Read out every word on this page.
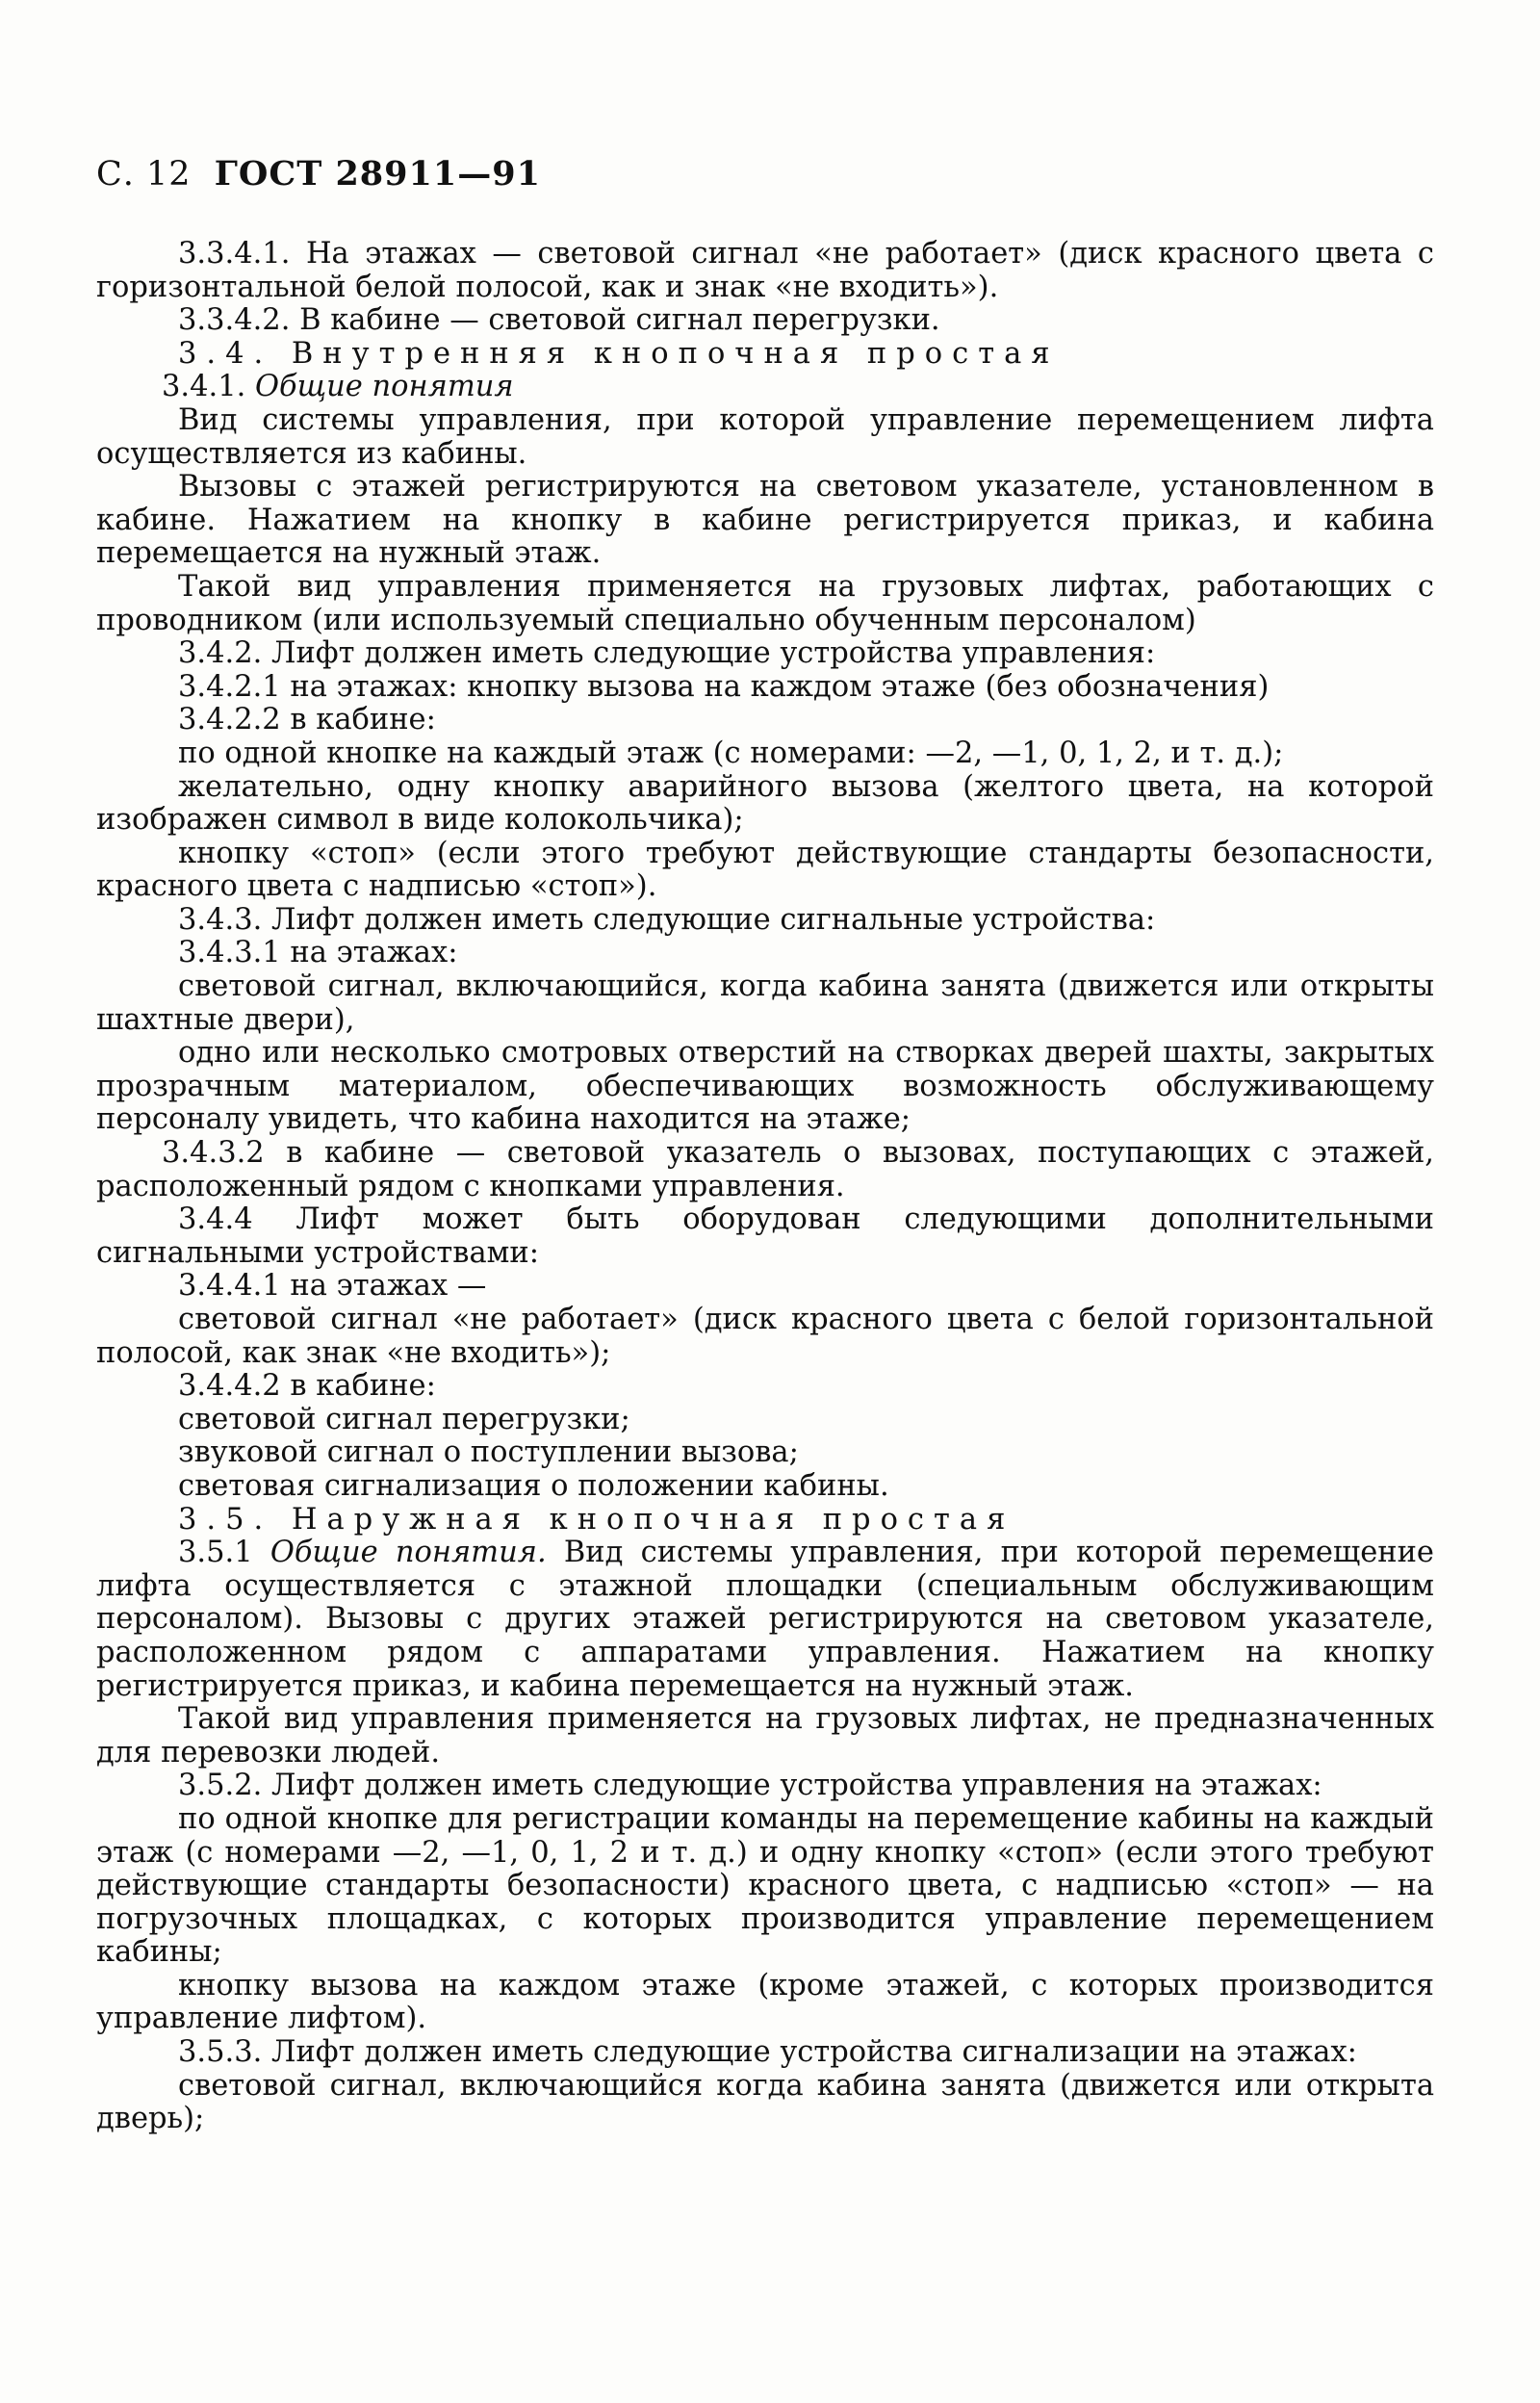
С. 12 ГОСТ 28911—91

3.3.4.1. На этажах — световой сигнал «не работает» (диск красного цвета с горизонтальной белой полосой, как и знак «не входить»).

3.3.4.2. В кабине — световой сигнал перегрузки.

3.4. Внутренняя кнопочная простая

3.4.1. Общие понятия

Вид системы управления, при которой управление перемещением лифта осуществляется из кабины.

Вызовы с этажей регистрируются на световом указателе, установленном в кабине. Нажатием на кнопку в кабине регистрируется приказ, и кабина перемещается на нужный этаж.

Такой вид управления применяется на грузовых лифтах, работающих с проводником (или используемый специально обученным персоналом)

3.4.2. Лифт должен иметь следующие устройства управления:

3.4.2.1 на этажах: кнопку вызова на каждом этаже (без обозначения)

3.4.2.2 в кабине:

по одной кнопке на каждый этаж (с номерами: —2, —1, 0, 1, 2, и т. д.);

желательно, одну кнопку аварийного вызова (желтого цвета, на которой изображен символ в виде колокольчика);

кнопку «стоп» (если этого требуют действующие стандарты безопасности, красного цвета с надписью «стоп»).

3.4.3. Лифт должен иметь следующие сигнальные устройства:

3.4.3.1 на этажах:

световой сигнал, включающийся, когда кабина занята (движется или открыты шахтные двери),

одно или несколько смотровых отверстий на створках дверей шахты, закрытых прозрачным материалом, обеспечивающих возможность обслуживающему персоналу увидеть, что кабина находится на этаже;

3.4.3.2 в кабине — световой указатель о вызовах, поступающих с этажей, расположенный рядом с кнопками управления.

3.4.4 Лифт может быть оборудован следующими дополнительными сигнальными устройствами:

3.4.4.1 на этажах —

световой сигнал «не работает» (диск красного цвета с белой горизонтальной полосой, как знак «не входить»);

3.4.4.2 в кабине:

световой сигнал перегрузки;

звуковой сигнал о поступлении вызова;

световая сигнализация о положении кабины.

3.5. Наружная кнопочная простая

3.5.1 Общие понятия. Вид системы управления, при которой перемещение лифта осуществляется с этажной площадки (специальным обслуживающим персоналом). Вызовы с других этажей регистрируются на световом указателе, расположенном рядом с аппаратами управления. Нажатием на кнопку регистрируется приказ, и кабина перемещается на нужный этаж.

Такой вид управления применяется на грузовых лифтах, не предназначенных для перевозки людей.

3.5.2. Лифт должен иметь следующие устройства управления на этажах:

по одной кнопке для регистрации команды на перемещение кабины на каждый этаж (с номерами —2, —1, 0, 1, 2 и т. д.) и одну кнопку «стоп» (если этого требуют действующие стандарты безопасности) красного цвета, с надписью «стоп» — на погрузочных площадках, с которых производится управление перемещением кабины;

кнопку вызова на каждом этаже (кроме этажей, с которых производится управление лифтом).

3.5.3. Лифт должен иметь следующие устройства сигнализации на этажах:

световой сигнал, включающийся когда кабина занята (движется или открыта дверь);
